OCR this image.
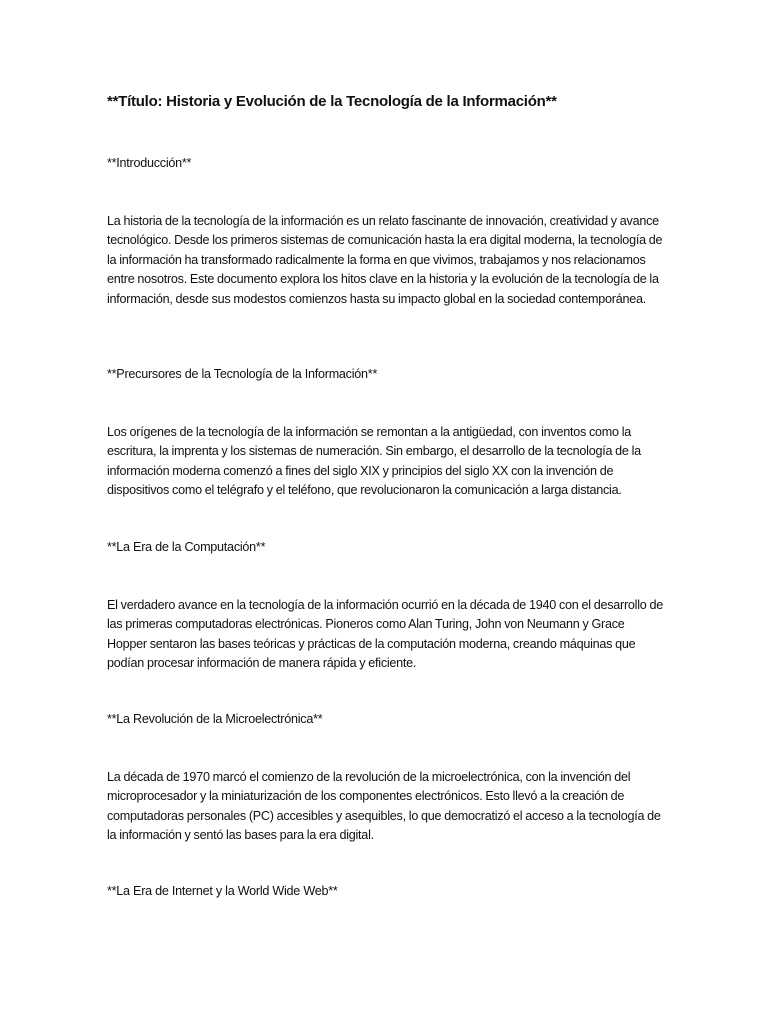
**Título: Historia y Evolución de la Tecnología de la Información**
**Introducción**

La historia de la tecnología de la información es un relato fascinante de innovación, creatividad y avance tecnológico. Desde los primeros sistemas de comunicación hasta la era digital moderna, la tecnología de la información ha transformado radicalmente la forma en que vivimos, trabajamos y nos relacionamos entre nosotros. Este documento explora los hitos clave en la historia y la evolución de la tecnología de la información, desde sus modestos comienzos hasta su impacto global en la sociedad contemporánea.

**Precursores de la Tecnología de la Información**

Los orígenes de la tecnología de la información se remontan a la antigüedad, con inventos como la escritura, la imprenta y los sistemas de numeración. Sin embargo, el desarrollo de la tecnología de la información moderna comenzó a fines del siglo XIX y principios del siglo XX con la invención de dispositivos como el telégrafo y el teléfono, que revolucionaron la comunicación a larga distancia.

**La Era de la Computación**

El verdadero avance en la tecnología de la información ocurrió en la década de 1940 con el desarrollo de las primeras computadoras electrónicas. Pioneros como Alan Turing, John von Neumann y Grace Hopper sentaron las bases teóricas y prácticas de la computación moderna, creando máquinas que podían procesar información de manera rápida y eficiente.

**La Revolución de la Microelectrónica**

La década de 1970 marcó el comienzo de la revolución de la microelectrónica, con la invención del microprocesador y la miniaturización de los componentes electrónicos. Esto llevó a la creación de computadoras personales (PC) accesibles y asequibles, lo que democratizó el acceso a la tecnología de la información y sentó las bases para la era digital.

**La Era de Internet y la World Wide Web**
